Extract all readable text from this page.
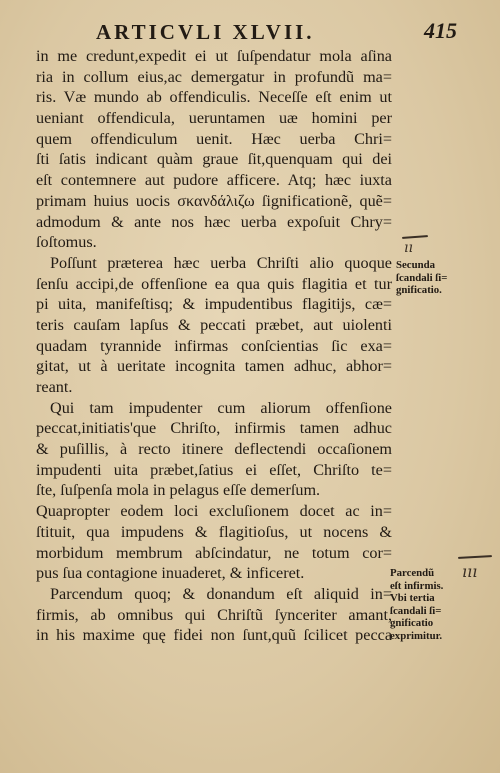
ARTICVLI XLVII.	415
in me credunt,expedit ei ut ſuſpendatur mola aſina
ria in collum eius,ac demergatur in profundũ ma=
ris. Væ mundo ab offendiculis. Neceſſe eſt enim ut
ueniant offendicula, ueruntamen uæ homini per
quem offendiculum uenit. Hæc uerba Chri=
ſti ſatis indicant quàm graue ſit,quenquam qui dei
eſt contemnere aut pudore afficere. Atq; hæc iuxta
primam huius uocis σκανδάλιζω ſignificationẽ, quẽ=
admodum & ante nos hæc uerba expoſuit Chry=
ſoſtomus.
Poſſunt præterea hæc uerba Chriſti alio quoque
ſenſu accipi,de offenſione ea qua quis flagitia et tur
pi uita, manifeſtisq; & impudentibus flagitijs, cæ=
teris cauſam lapſus & peccati præbet, aut uiolenti
quadam tyrannide infirmas conſcientias ſic exa=
gitat, ut à ueritate incognita tamen adhuc, abhor=
reant.
Qui tam impudenter cum aliorum offenſione
peccat,initiatis'que Chriſto, infirmis tamen adhuc
& puſillis, à recto itinere deflectendi occaſionem
impudenti uita præbet,ſatius ei eſſet, Chriſto te=
ſte, ſuſpenſa mola in pelagus eſſe demerſum.
Quapropter eodem loci excluſionem docet ac in=
ſtituit, qua impudens & flagitioſus, ut nocens &
morbidum membrum abſcindatur, ne totum cor=
pus ſua contagione inuaderet, & inficeret.
Parcendum quoq; & donandum eſt aliquid in=
firmis, ab omnibus qui Chriſtũ ſynceriter amant,
in his maxime quę fidei non ſunt,quũ ſcilicet pecca
Secunda
ſcandali ſi=
gnificatio.
Parcendũ
eſt infirmis.
Vbi tertia
ſcandali ſi=
gnificatio
exprimitur.
ıı
ııı
